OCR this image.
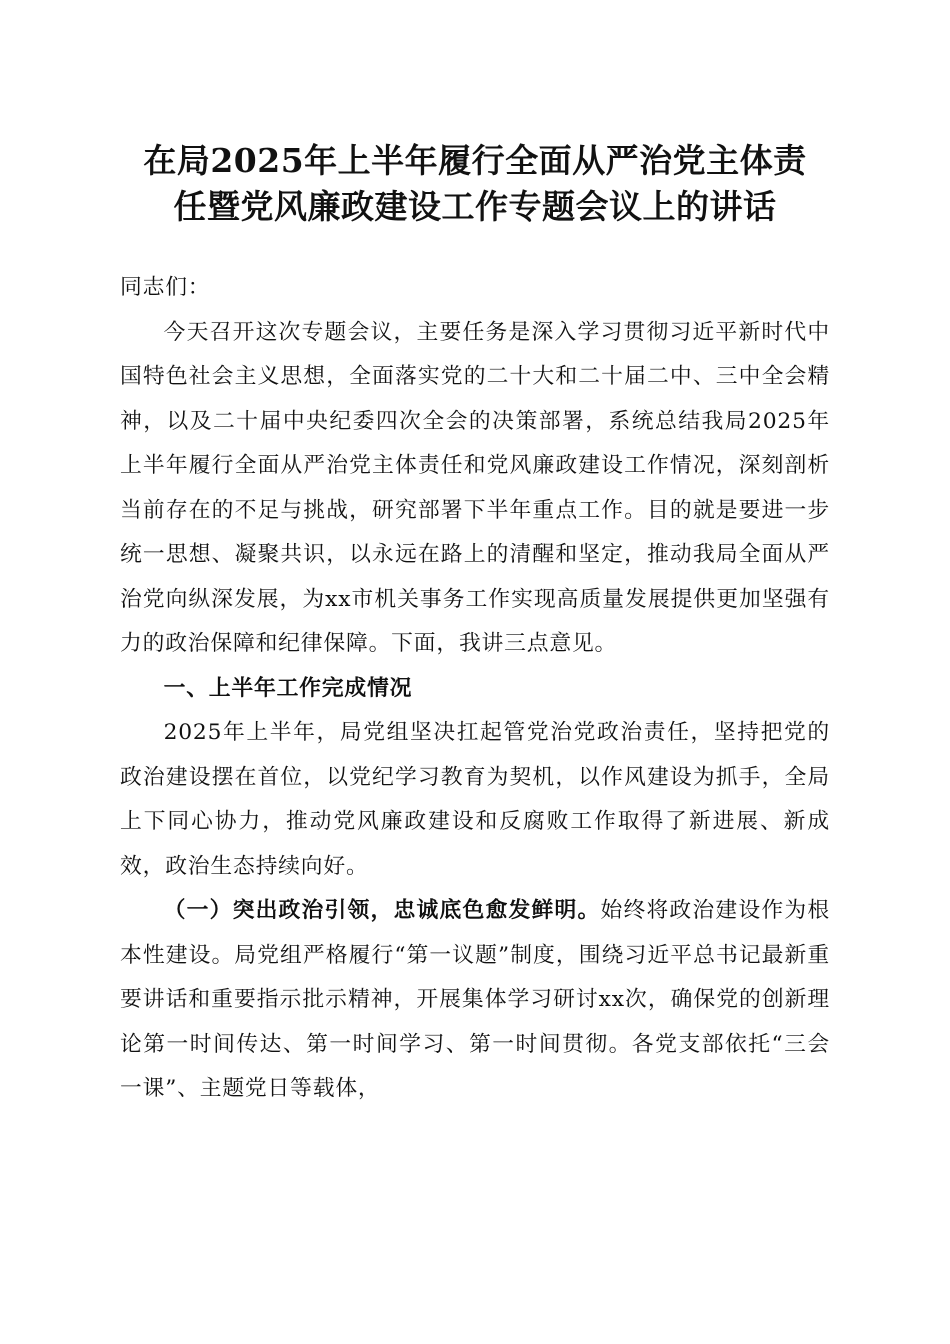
在局2025年上半年履行全面从严治党主体责
任暨党风廉政建设工作专题会议上的讲话

同志们：

今天召开这次专题会议，主要任务是深入学习贯彻习近平新时代中国特色社会主义思想，全面落实党的二十大和二十届二中、三中全会精神，以及二十届中央纪委四次全会的决策部署，系统总结我局2025年上半年履行全面从严治党主体责任和党风廉政建设工作情况，深刻剖析当前存在的不足与挑战，研究部署下半年重点工作。目的就是要进一步统一思想、凝聚共识，以永远在路上的清醒和坚定，推动我局全面从严治党向纵深发展，为xx市机关事务工作实现高质量发展提供更加坚强有力的政治保障和纪律保障。下面，我讲三点意见。

一、上半年工作完成情况

2025年上半年，局党组坚决扛起管党治党政治责任，坚持把党的政治建设摆在首位，以党纪学习教育为契机，以作风建设为抓手，全局上下同心协力，推动党风廉政建设和反腐败工作取得了新进展、新成效，政治生态持续向好。

（一）突出政治引领，忠诚底色愈发鲜明。始终将政治建设作为根本性建设。局党组严格履行“第一议题”制度，围绕习近平总书记最新重要讲话和重要指示批示精神，开展集体学习研讨xx次，确保党的创新理论第一时间传达、第一时间学习、第一时间贯彻。各党支部依托“三会一课”、主题党日等载体，
